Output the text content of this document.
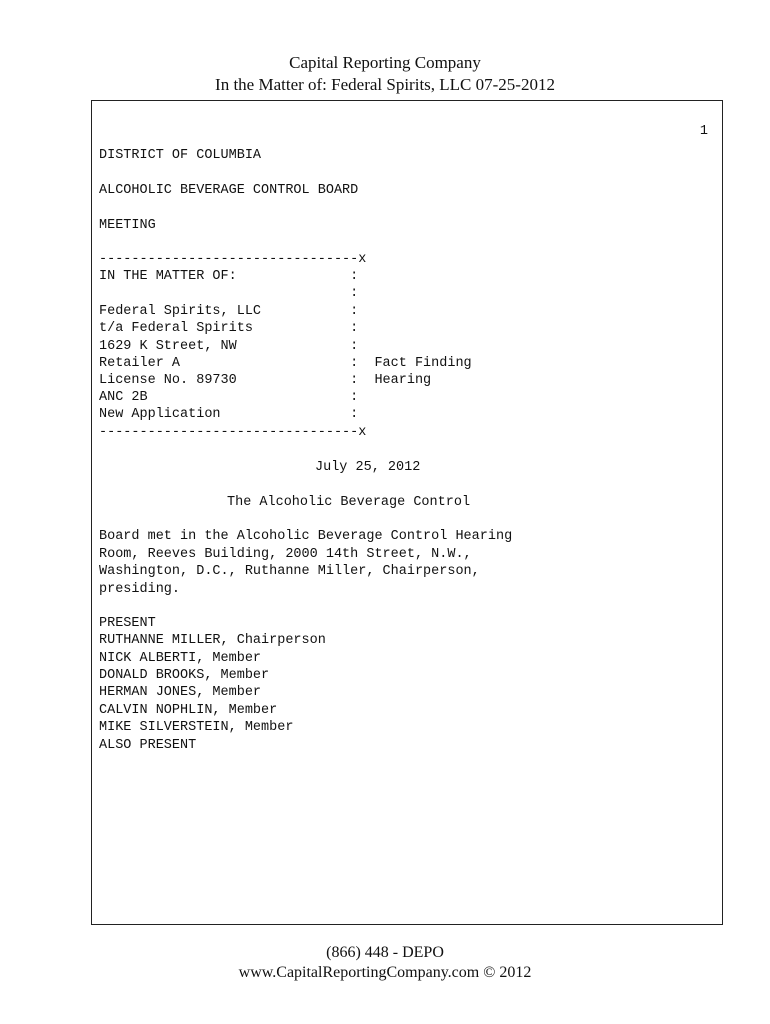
Capital Reporting Company
In the Matter of: Federal Spirits, LLC 07-25-2012
1
DISTRICT OF COLUMBIA
ALCOHOLIC BEVERAGE CONTROL BOARD
MEETING
--------------------------------x
IN THE MATTER OF:              :
:
Federal Spirits, LLC           :
t/a Federal Spirits            :
1629 K Street, NW              :
Retailer A                     :  Fact Finding
License No. 89730              :  Hearing
ANC 2B                         :
New Application                :
--------------------------------x
July 25, 2012
The Alcoholic Beverage Control
Board met in the Alcoholic Beverage Control Hearing
Room, Reeves Building, 2000 14th Street, N.W.,
Washington, D.C., Ruthanne Miller, Chairperson,
presiding.
PRESENT
RUTHANNE MILLER, Chairperson
NICK ALBERTI, Member
DONALD BROOKS, Member
HERMAN JONES, Member
CALVIN NOPHLIN, Member
MIKE SILVERSTEIN, Member
ALSO PRESENT
(866) 448 - DEPO
www.CapitalReportingCompany.com © 2012
